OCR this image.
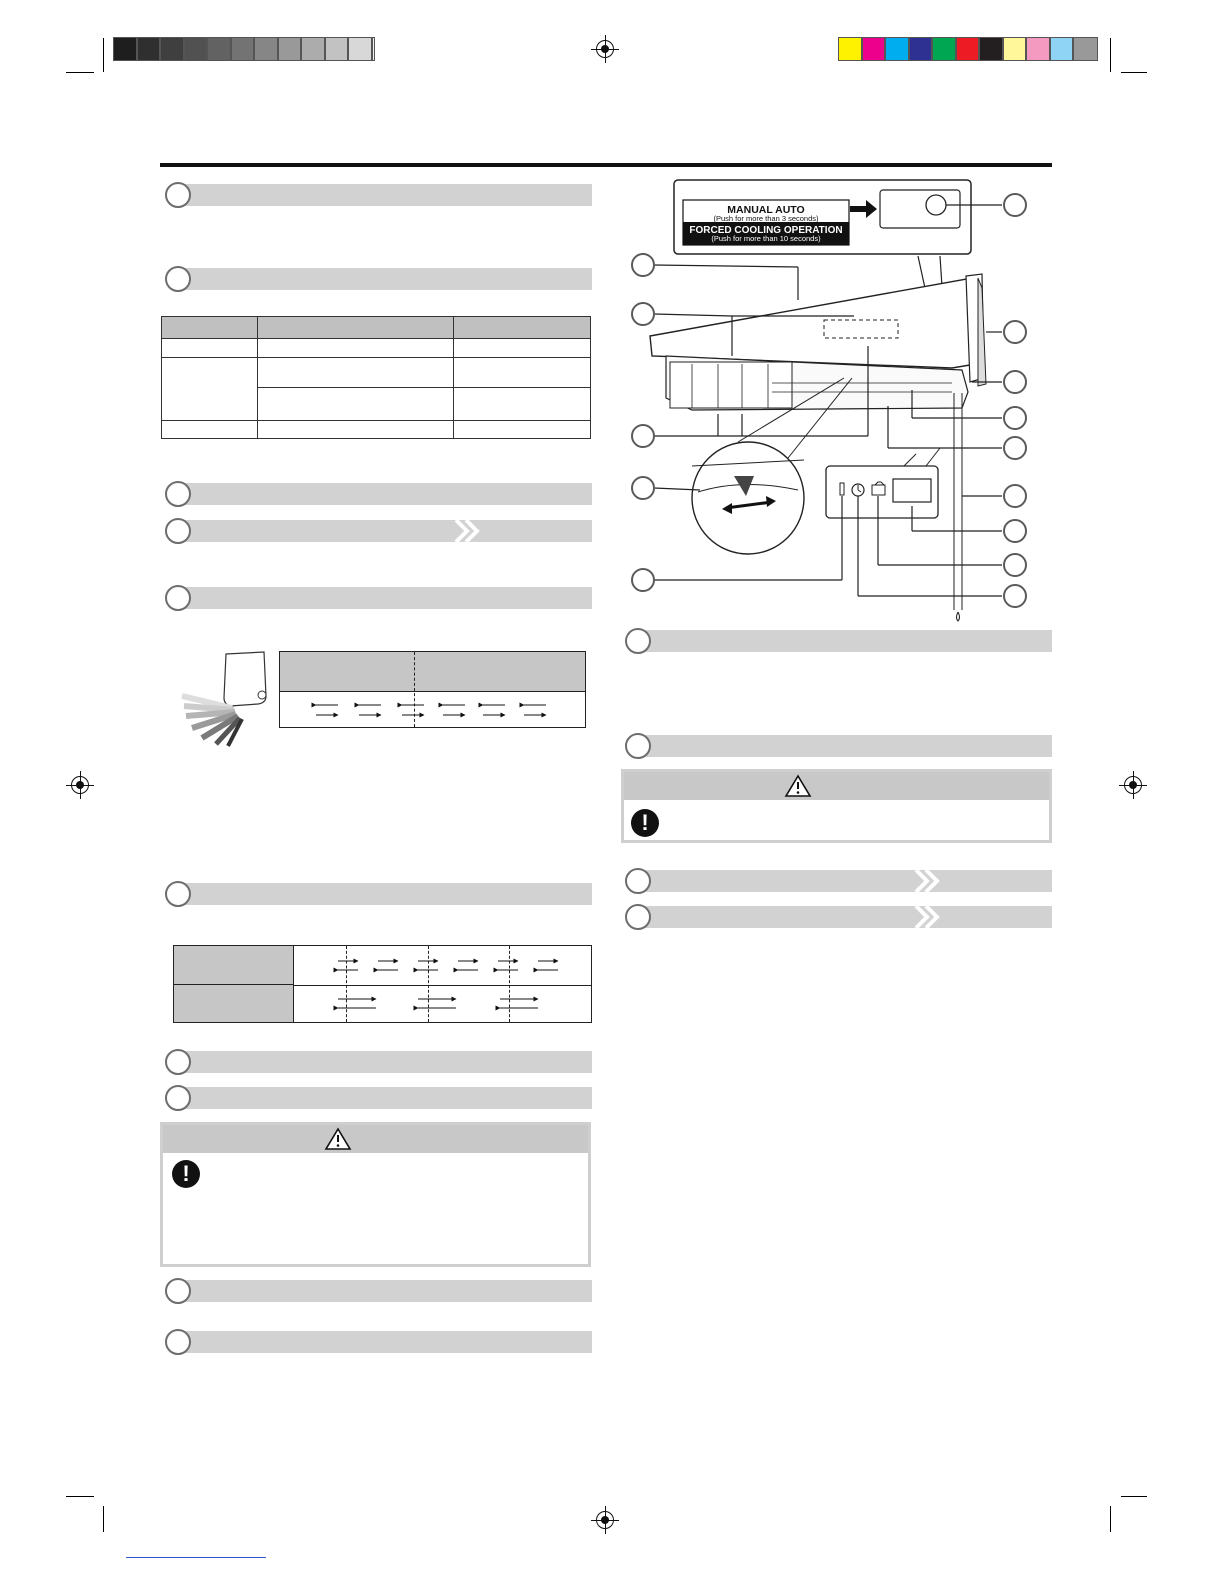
!
MANUAL AUTO
(Push for more than 3 seconds)
FORCED COOLING OPERATION
(Push for more than 10 seconds)
!
